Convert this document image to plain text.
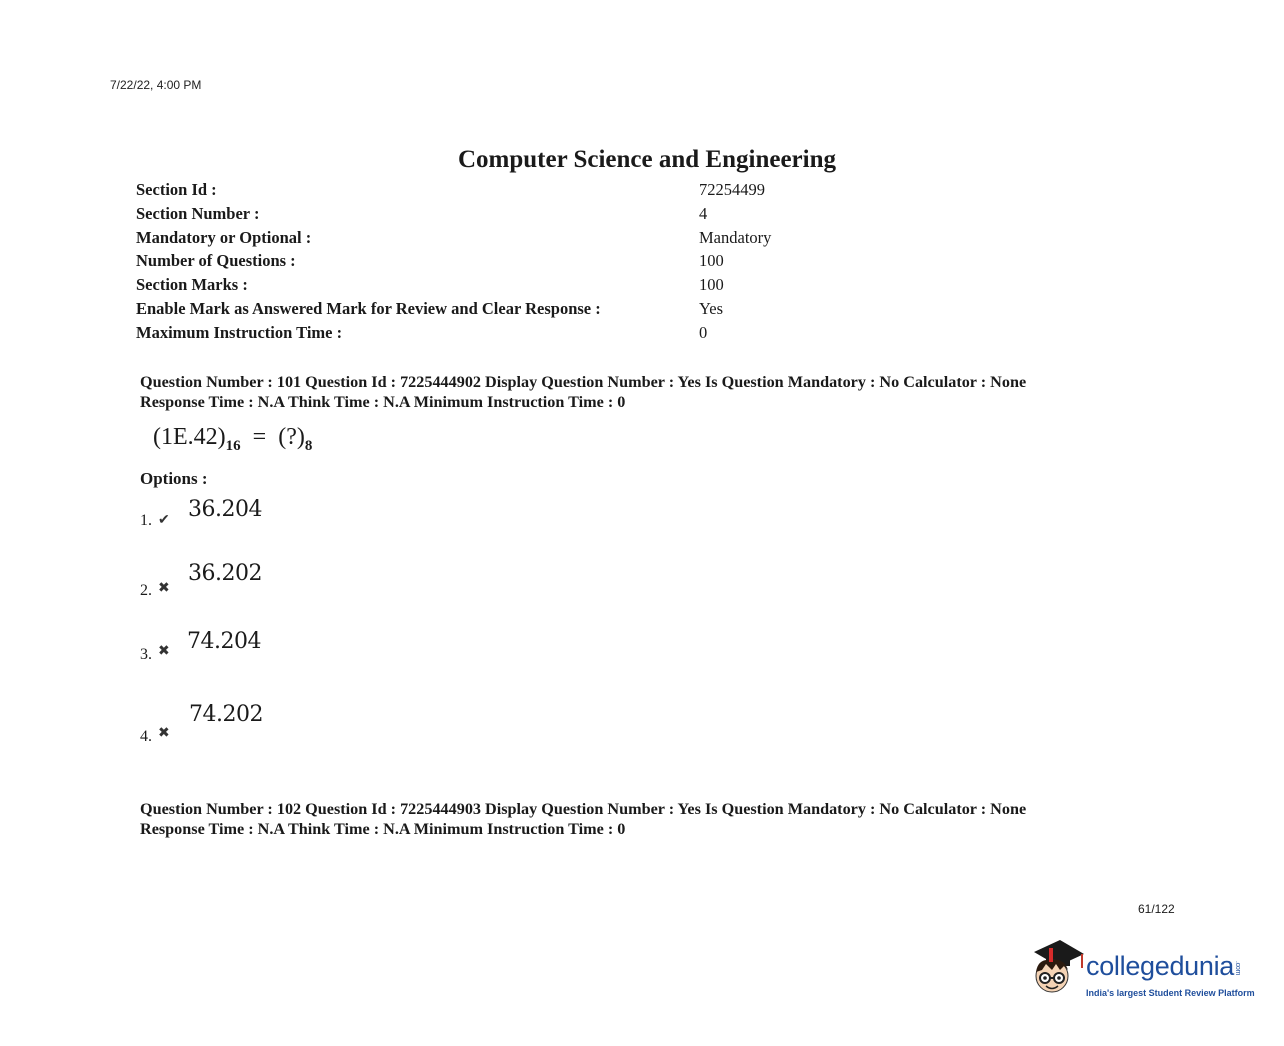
7/22/22, 4:00 PM
Computer Science and Engineering
Section Id :	72254499
Section Number :	4
Mandatory or Optional :	Mandatory
Number of Questions :	100
Section Marks :	100
Enable Mark as Answered Mark for Review and Clear Response :	Yes
Maximum Instruction Time :	0
Question Number : 101 Question Id : 7225444902 Display Question Number : Yes Is Question Mandatory : No Calculator : None
Response Time : N.A Think Time : N.A Minimum Instruction Time : 0
$(1E.42)_{16}$ = $(?)_8$
Options :
1. ✔ 36.204
2. ✖
36.202
3. ✖ 74.204
4. ✖
74.202
Question Number : 102 Question Id : 7225444903 Display Question Number : Yes Is Question Mandatory : No Calculator : None
Response Time : N.A Think Time : N.A Minimum Instruction Time : 0
61/122
collegedunia.com
India's largest Student Review Platform
